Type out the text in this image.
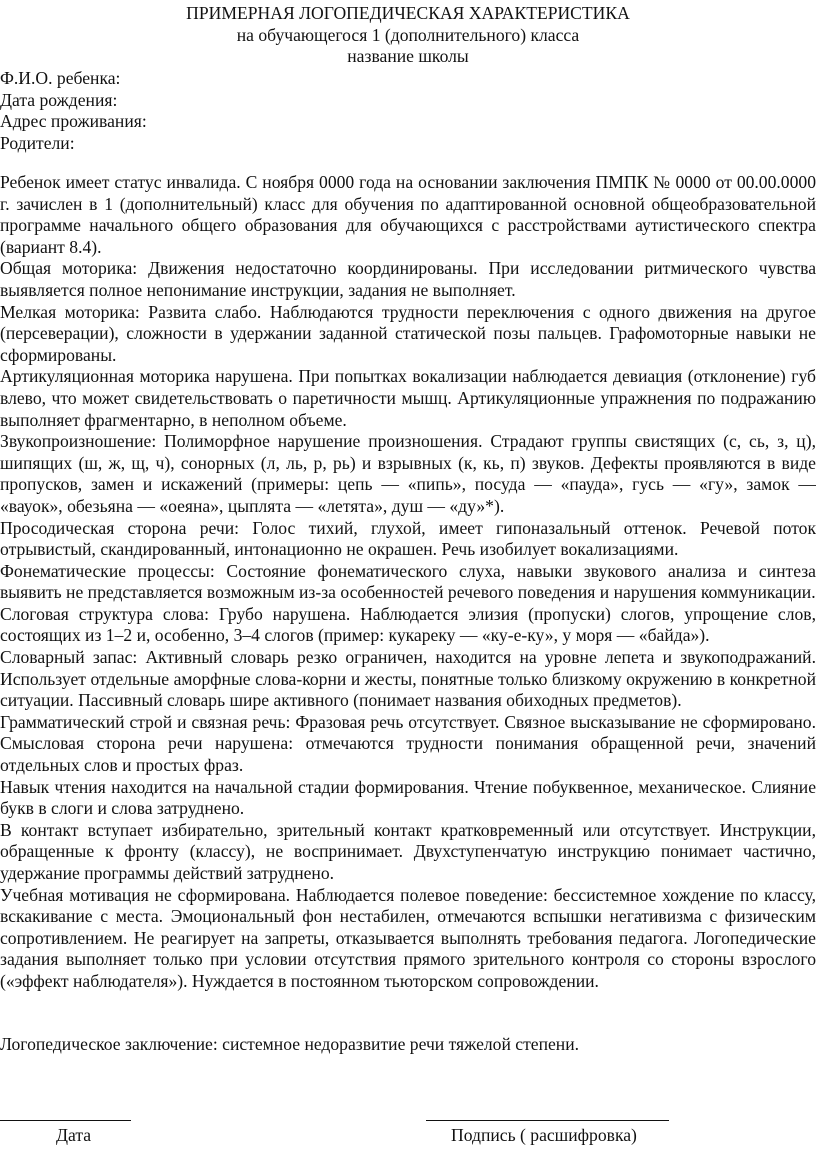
ПРИМЕРНАЯ ЛОГОПЕДИЧЕСКАЯ ХАРАКТЕРИСТИКА
на обучающегося 1 (дополнительного) класса
название школы
Ф.И.О. ребенка:
Дата рождения:
Адрес проживания:
Родители:

Ребенок имеет статус инвалида. С ноября 0000 года на основании заключения ПМПК № 0000 от 00.00.0000 г. зачислен в 1 (дополнительный) класс для обучения по адаптированной основной общеобразовательной программе начального общего образования для обучающихся с расстройствами аутистического спектра (вариант 8.4).

Общая моторика: Движения недостаточно координированы. При исследовании ритмического чувства выявляется полное непонимание инструкции, задания не выполняет.

Мелкая моторика: Развита слабо. Наблюдаются трудности переключения с одного движения на другое (персеверации), сложности в удержании заданной статической позы пальцев. Графомоторные навыки не сформированы.

Артикуляционная моторика нарушена. При попытках вокализации наблюдается девиация (отклонение) губ влево, что может свидетельствовать о паретичности мышц. Артикуляционные упражнения по подражанию выполняет фрагментарно, в неполном объеме.

Звукопроизношение: Полиморфное нарушение произношения. Страдают группы свистящих (с, сь, з, ц), шипящих (ш, ж, щ, ч), сонорных (л, ль, р, рь) и взрывных (к, кь, п) звуков. Дефекты проявляются в виде пропусков, замен и искажений (примеры: цепь — «пипь», посуда — «пауда», гусь — «гу», замок — «вауок», обезьяна — «оеяна», цыплята — «летята», душ — «ду»*).

Просодическая сторона речи: Голос тихий, глухой, имеет гипоназальный оттенок. Речевой поток отрывистый, скандированный, интонационно не окрашен. Речь изобилует вокализациями.

Фонематические процессы: Состояние фонематического слуха, навыки звукового анализа и синтеза выявить не представляется возможным из-за особенностей речевого поведения и нарушения коммуникации.

Слоговая структура слова: Грубо нарушена. Наблюдается элизия (пропуски) слогов, упрощение слов, состоящих из 1–2 и, особенно, 3–4 слогов (пример: кукареку — «ку-е-ку», у моря — «байда»).

Словарный запас: Активный словарь резко ограничен, находится на уровне лепета и звукоподражаний. Использует отдельные аморфные слова-корни и жесты, понятные только близкому окружению в конкретной ситуации. Пассивный словарь шире активного (понимает названия обиходных предметов).

Грамматический строй и связная речь: Фразовая речь отсутствует. Связное высказывание не сформировано. Смысловая сторона речи нарушена: отмечаются трудности понимания обращенной речи, значений отдельных слов и простых фраз.

Навык чтения находится на начальной стадии формирования. Чтение побуквенное, механическое. Слияние букв в слоги и слова затруднено.

В контакт вступает избирательно, зрительный контакт кратковременный или отсутствует. Инструкции, обращенные к фронту (классу), не воспринимает. Двухступенчатую инструкцию понимает частично, удержание программы действий затруднено.

Учебная мотивация не сформирована. Наблюдается полевое поведение: бессистемное хождение по классу, вскакивание с места. Эмоциональный фон нестабилен, отмечаются вспышки негативизма с физическим сопротивлением. Не реагирует на запреты, отказывается выполнять требования педагога. Логопедические задания выполняет только при условии отсутствия прямого зрительного контроля со стороны взрослого («эффект наблюдателя»). Нуждается в постоянном тьюторском сопровождении.

Логопедическое заключение: системное недоразвитие речи тяжелой степени.
Дата	Подпись ( расшифровка)
